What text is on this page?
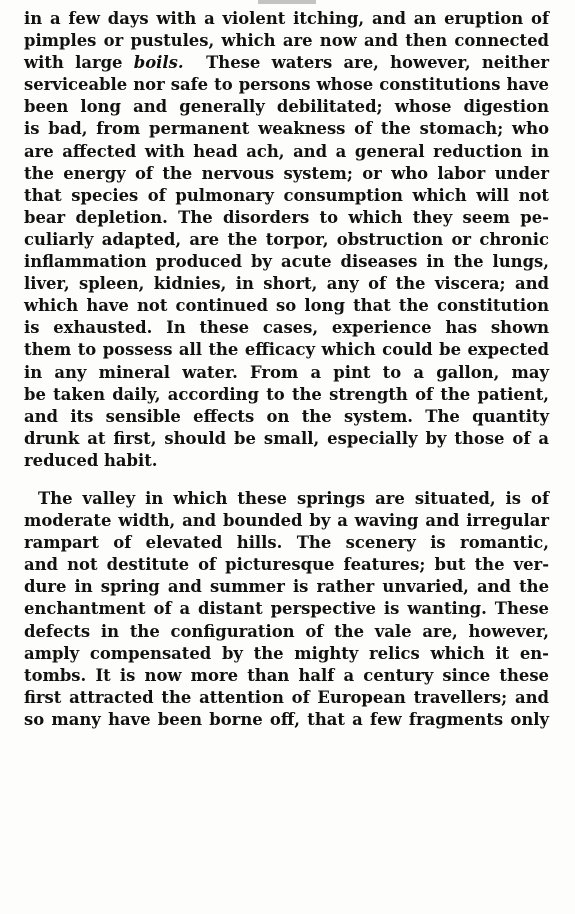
in a few days with a violent itching, and an eruption of
pimples or pustules, which are now and then connected
with large boils.  These waters are, however, neither
serviceable nor safe to persons whose constitutions have
been long and generally debilitated; whose digestion
is bad, from permanent weakness of the stomach; who
are affected with head ach, and a general reduction in
the energy of the nervous system; or who labor under
that species of pulmonary consumption which will not
bear depletion. The disorders to which they seem pe-
culiarly adapted, are the torpor, obstruction or chronic
inflammation produced by acute diseases in the lungs,
liver, spleen, kidnies, in short, any of the viscera; and
which have not continued so long that the constitution
is exhausted. In these cases, experience has shown
them to possess all the efficacy which could be expected
in any mineral water. From a pint to a gallon, may
be taken daily, according to the strength of the patient,
and its sensible effects on the system. The quantity
drunk at first, should be small, especially by those of a
reduced habit.
The valley in which these springs are situated, is of
moderate width, and bounded by a waving and irregular
rampart of elevated hills. The scenery is romantic,
and not destitute of picturesque features; but the ver-
dure in spring and summer is rather unvaried, and the
enchantment of a distant perspective is wanting. These
defects in the configuration of the vale are, however,
amply compensated by the mighty relics which it en-
tombs. It is now more than half a century since these
first attracted the attention of European travellers; and
so many have been borne off, that a few fragments only
